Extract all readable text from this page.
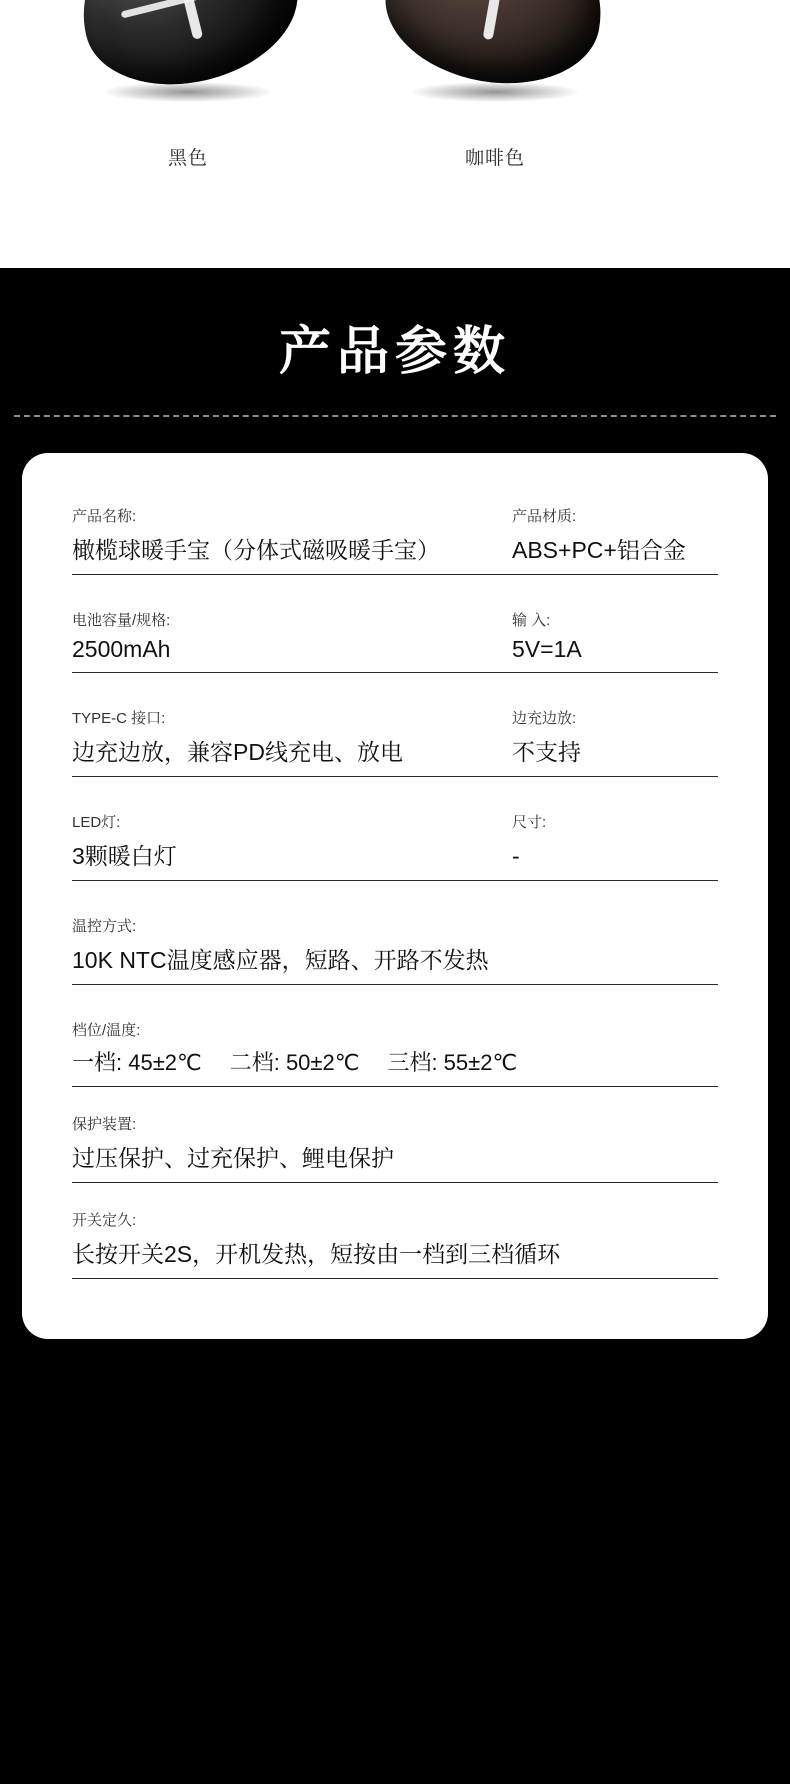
黑色	咖啡色
产品参数
产品名称:	产品材质:
橄榄球暖手宝（分体式磁吸暖手宝）	ABS+PC+铝合金
电池容量/规格:	输 入:
2500mAh	5V=1A
TYPE-C 接口:	边充边放:
边充边放，兼容PD线充电、放电	不支持
LED灯:	尺寸:
3颗暖白灯	-
温控方式:
10K NTC温度感应器，短路、开路不发热
档位/温度:
一档: 45±2℃ 二档: 50±2℃ 三档: 55±2℃
保护装置:
过压保护、过充保护、鲤电保护
开关定久:
长按开关2S，开机发热，短按由一档到三档循环
